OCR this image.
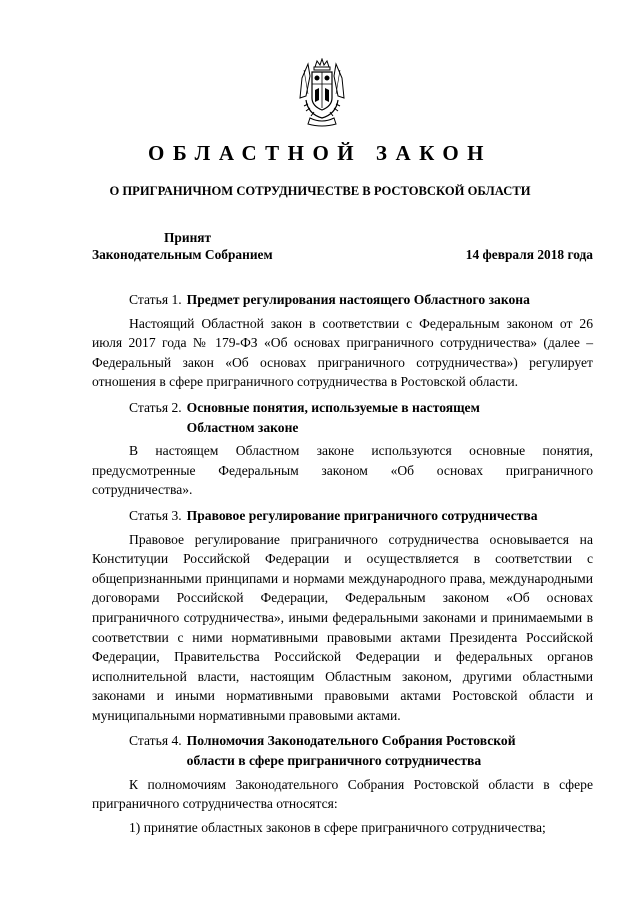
ОБЛАСТНОЙ ЗАКОН
О ПРИГРАНИЧНОМ СОТРУДНИЧЕСТВЕ В РОСТОВСКОЙ ОБЛАСТИ
Принят
Законодательным Собранием	14 февраля 2018 года
Статья 1. Предмет регулирования настоящего Областного закона

Настоящий Областной закон в соответствии с Федеральным законом от 26 июля 2017 года № 179-ФЗ «Об основах приграничного сотрудничества» (далее – Федеральный закон «Об основах приграничного сотрудничества») регулирует отношения в сфере приграничного сотрудничества в Ростовской области.

Статья 2. Основные понятия, используемые в настоящем Областном законе

В настоящем Областном законе используются основные понятия, предусмотренные Федеральным законом «Об основах приграничного сотрудничества».

Статья 3. Правовое регулирование приграничного сотрудничества

Правовое регулирование приграничного сотрудничества основывается на Конституции Российской Федерации и осуществляется в соответствии с общепризнанными принципами и нормами международного права, международными договорами Российской Федерации, Федеральным законом «Об основах приграничного сотрудничества», иными федеральными законами и принимаемыми в соответствии с ними нормативными правовыми актами Президента Российской Федерации, Правительства Российской Федерации и федеральных органов исполнительной власти, настоящим Областным законом, другими областными законами и иными нормативными правовыми актами Ростовской области и муниципальными нормативными правовыми актами.

Статья 4. Полномочия Законодательного Собрания Ростовской области в сфере приграничного сотрудничества

К полномочиям Законодательного Собрания Ростовской области в сфере приграничного сотрудничества относятся:

1) принятие областных законов в сфере приграничного сотрудничества;
